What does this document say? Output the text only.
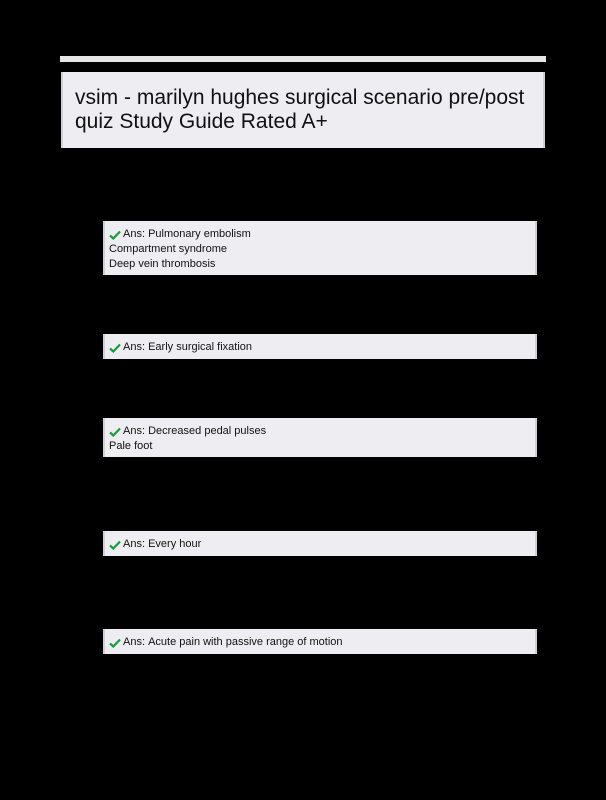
vsim - marilyn hughes surgical scenario pre/post quiz Study Guide Rated A+
Ans:
Pulmonary embolism
Compartment syndrome
Deep vein thrombosis
Ans:
Early surgical fixation
Ans:
Decreased pedal pulses
Pale foot
Ans:
Every hour
Ans:
Acute pain with passive range of motion
